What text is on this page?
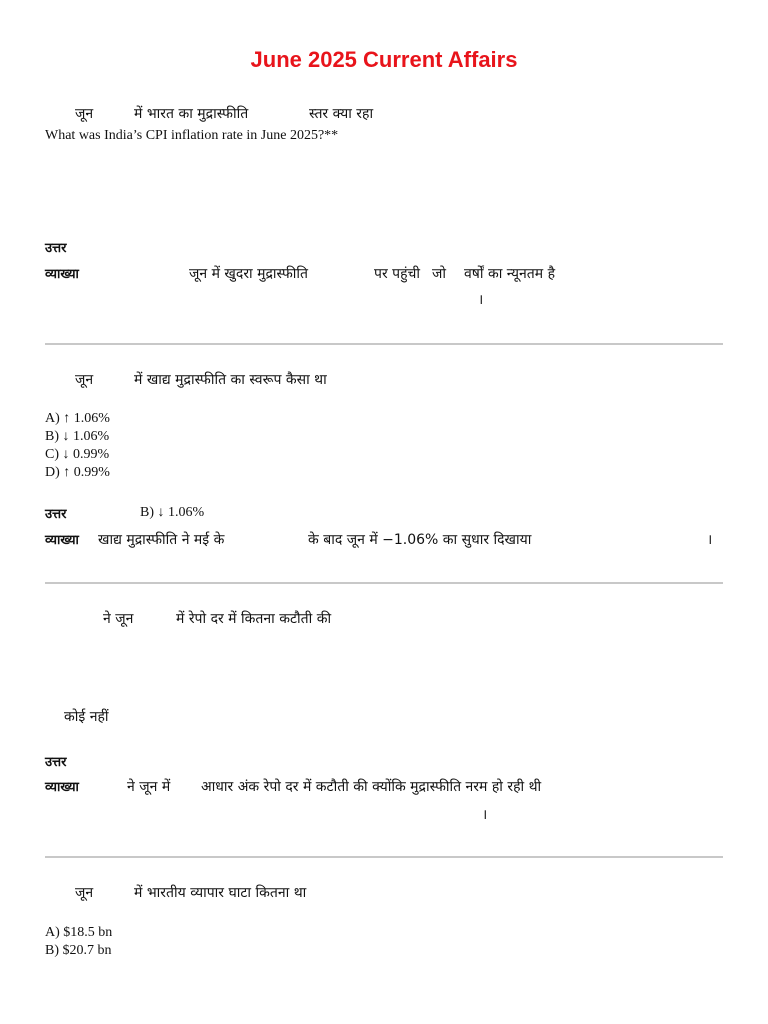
June 2025 Current Affairs
जून	में भारत का मुद्रास्फीति	स्तर क्या रहा
What was India’s CPI inflation rate in June 2025?**
उत्तर
व्याख्या	जून में खुदरा मुद्रास्फीति	पर पहुंची जो वर्षों का न्यूनतम है
।
जून	में खाद्य मुद्रास्फीति का स्वरूप कैसा था
A) ↑ 1.06%
B) ↓ 1.06%
C) ↓ 0.99%
D) ↑ 0.99%
उत्तर	B) ↓ 1.06%
व्याख्या खाद्य मुद्रास्फीति ने मई के	के बाद जून में −1.06% का सुधार दिखाया	।
ने जून	में रेपो दर में कितना कटौती की
कोई नहीं
उत्तर
व्याख्या	ने जून में आधार अंक रेपो दर में कटौती की क्योंकि मुद्रास्फीति नरम हो रही थी
।
जून	में भारतीय व्यापार घाटा कितना था
A) $18.5 bn
B) $20.7 bn
